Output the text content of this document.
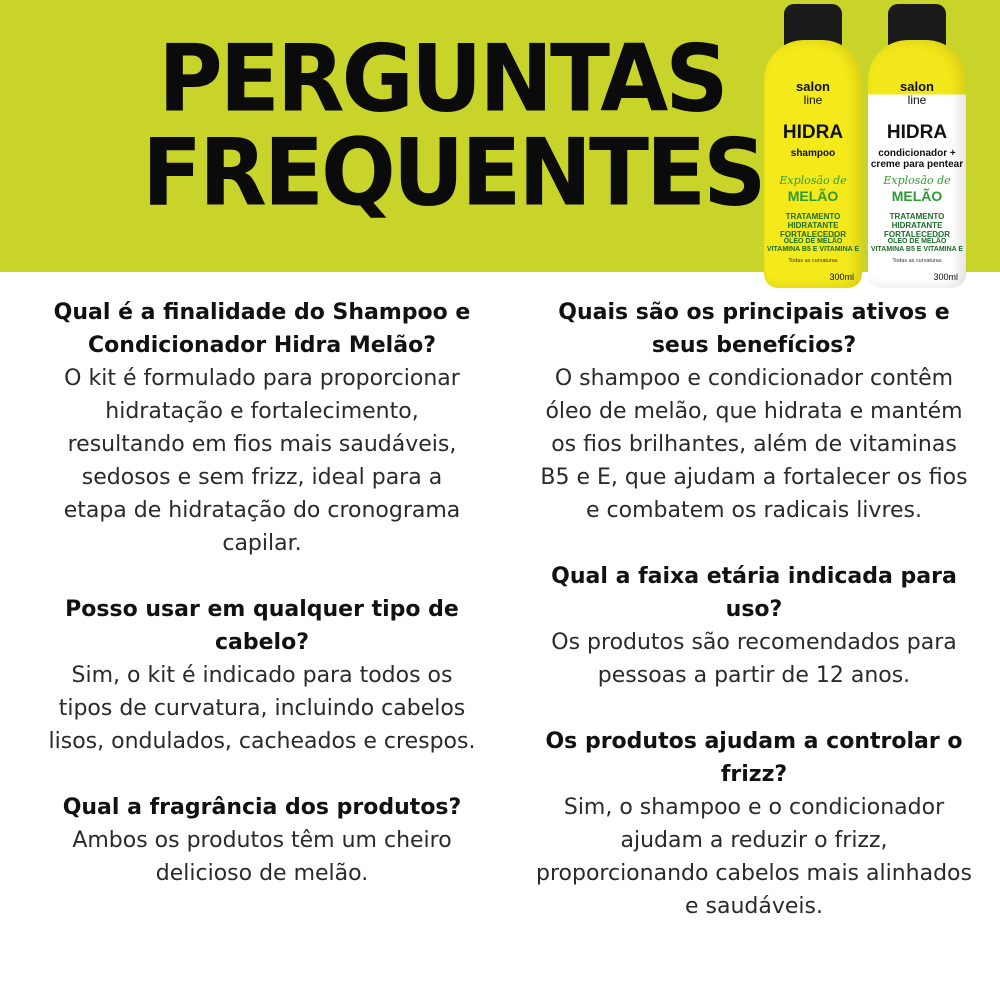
PERGUNTAS
FREQUENTES
salon
line
HIDRA
shampoo
Explosão de
MELÃO
TRATAMENTO HIDRATANTE FORTALECEDOR
ÓLEO DE MELÃO
VITAMINA B5 E VITAMINA E
Todas as curvaturas
300ml
salon
line
HIDRA
condicionador + creme para pentear
Explosão de
MELÃO
TRATAMENTO HIDRATANTE FORTALECEDOR
ÓLEO DE MELÃO
VITAMINA B5 E VITAMINA E
Todas as curvaturas
300ml
Qual é a finalidade do Shampoo e Condicionador Hidra Melão?
O kit é formulado para proporcionar hidratação e fortalecimento, resultando em fios mais saudáveis, sedosos e sem frizz, ideal para a etapa de hidratação do cronograma capilar.
Posso usar em qualquer tipo de cabelo?
Sim, o kit é indicado para todos os tipos de curvatura, incluindo cabelos lisos, ondulados, cacheados e crespos.
Qual a fragrância dos produtos?
Ambos os produtos têm um cheiro delicioso de melão.
Quais são os principais ativos e seus benefícios?
O shampoo e condicionador contêm óleo de melão, que hidrata e mantém os fios brilhantes, além de vitaminas B5 e E, que ajudam a fortalecer os fios e combatem os radicais livres.
Qual a faixa etária indicada para uso?
Os produtos são recomendados para pessoas a partir de 12 anos.
Os produtos ajudam a controlar o frizz?
Sim, o shampoo e o condicionador ajudam a reduzir o frizz, proporcionando cabelos mais alinhados e saudáveis.
